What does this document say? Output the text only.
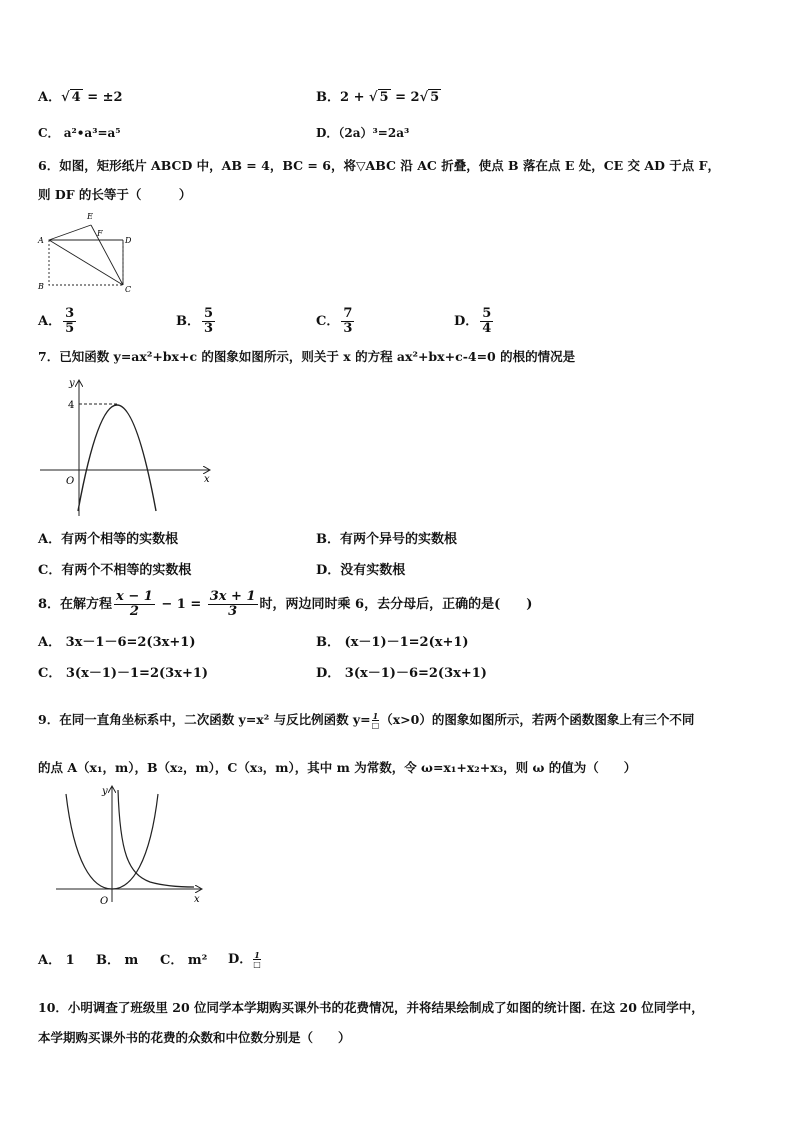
A．√ 4 = ±2	B．2 + √ 5 = 2√ 5
C． a²•a³=a⁵	D．（2a）³=2a³
6．如图，矩形纸片 ABCD 中，AB = 4，BC = 6，将▽ABC 沿 AC 折叠，使点 B 落在点 E 处，CE 交 AD 于点 F，
则 DF 的长等于（　　　）
A
B	C
D
E
F
A． $\frac{3}{5}$	B． $\frac{5}{3}$	C． $\frac{7}{3}$	D． $\frac{5}{4}$
7．已知函数 y=ax²+bx+c 的图象如图所示，则关于 x 的方程 ax²+bx+c-4=0 的根的情况是
y
x
O
4
A．有两个相等的实数根	B．有两个异号的实数根
C．有两个不相等的实数根	D．没有实数根
8．在解方程 $\frac{x - 1}{2} - 1 = \frac{3x + 1}{3}$ 时，两边同时乘 6，去分母后，正确的是(　　)
A． 3x－1－6=2(3x+1)	B． (x－1)－1=2(x+1)
C． 3(x－1)－1=2(3x+1)	D． 3(x－1)－6=2(3x+1)
9．在同一直角坐标系中，二次函数 y=x² 与反比例函数 $y= \frac{1}{□} (x>0)$的图象如图所示，若两个函数图象上有三个不同
的点 A（x₁，m），B（x₂，m），C（x₃，m），其中 m 为常数，令 ω=x₁+x₂+x₃，则 ω 的值为（　　）
y
x
O
A． 1 B． m C． m² D． $\frac{1}{□}$
10．小明调查了班级里 20 位同学本学期购买课外书的花费情况，并将结果绘制成了如图的统计图. 在这 20 位同学中，
本学期购买课外书的花费的众数和中位数分别是（　　）
